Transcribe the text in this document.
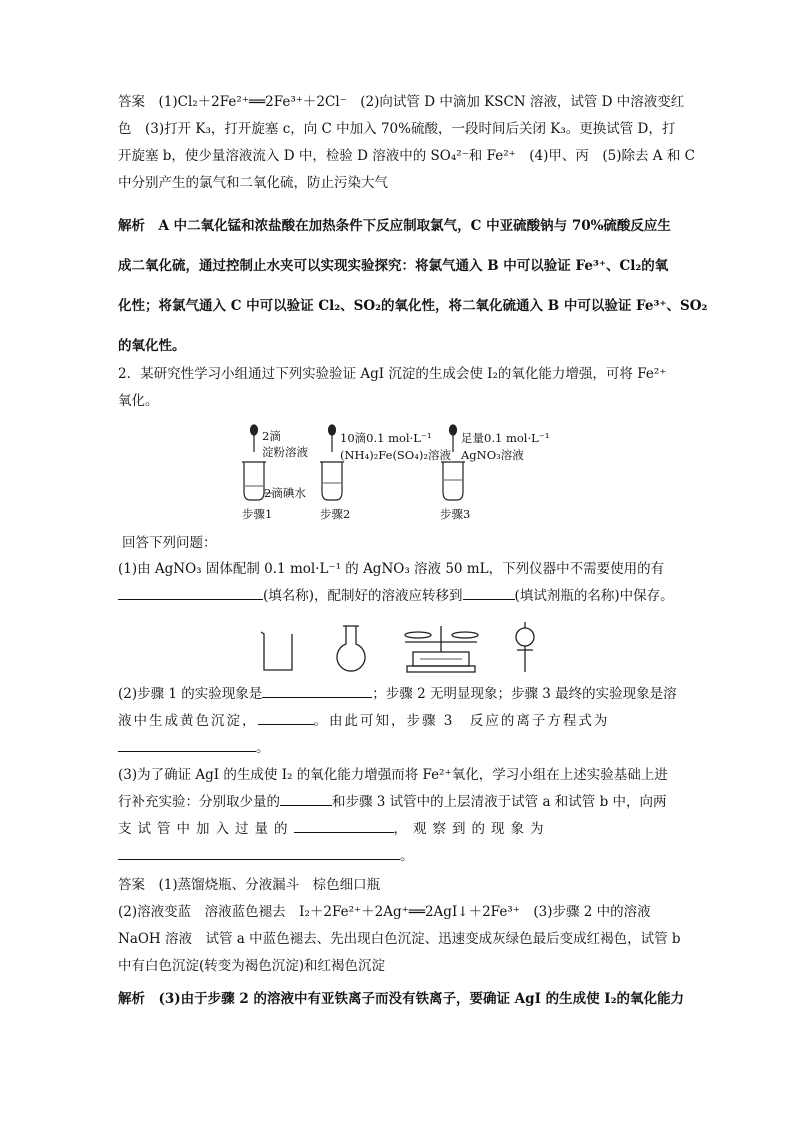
答案　(1)Cl₂＋2Fe²⁺══2Fe³⁺＋2Cl⁻　(2)向试管 D 中滴加 KSCN 溶液，试管 D 中溶液变红
色　(3)打开 K₃，打开旋塞 c，向 C 中加入 70%硫酸，一段时间后关闭 K₃。更换试管 D，打
开旋塞 b，使少量溶液流入 D 中，检验 D 溶液中的 SO₄²⁻和 Fe²⁺　(4)甲、丙　(5)除去 A 和 C
中分别产生的氯气和二氧化硫，防止污染大气
解析　A 中二氧化锰和浓盐酸在加热条件下反应制取氯气，C 中亚硫酸钠与 70%硫酸反应生
成二氧化硫，通过控制止水夹可以实现实验探究：将氯气通入 B 中可以验证 Fe³⁺、Cl₂的氧
化性；将氯气通入 C 中可以验证 Cl₂、SO₂的氧化性，将二氧化硫通入 B 中可以验证 Fe³⁺、SO₂
的氧化性。
2．某研究性学习小组通过下列实验验证 AgI 沉淀的生成会使 I₂的氧化能力增强，可将 Fe²⁺
氧化。
2滴
淀粉溶液
2滴碘水
10滴0.1 mol·L⁻¹
(NH₄)₂Fe(SO₄)₂溶液
足量0.1 mol·L⁻¹
AgNO₃溶液
步骤1	步骤2	步骤3
回答下列问题：
(1)由 AgNO₃ 固体配制 0.1 mol·L⁻¹ 的 AgNO₃ 溶液 50 mL，下列仪器中不需要使用的有
(填名称)，配制好的溶液应转移到	(填试剂瓶的名称)中保存。
(2)步骤 1 的实验现象是	；步骤 2 无明显现象；步骤 3 最终的实验现象是溶
液中生成黄色沉淀，	。由此可知，步骤 3　反应的离子方程式为
。
(3)为了确证 AgI 的生成使 I₂ 的氧化能力增强而将 Fe²⁺氧化，学习小组在上述实验基础上进
行补充实验：分别取少量的	和步骤 3 试管中的上层清液于试管 a 和试管 b 中，向两
支试管中加入过量的	，观察到的现象为
。
答案　(1)蒸馏烧瓶、分液漏斗　棕色细口瓶
(2)溶液变蓝　溶液蓝色褪去　I₂＋2Fe²⁺＋2Ag⁺══2AgI↓＋2Fe³⁺　(3)步骤 2 中的溶液
NaOH 溶液　试管 a 中蓝色褪去、先出现白色沉淀、迅速变成灰绿色最后变成红褐色，试管 b
中有白色沉淀(转变为褐色沉淀)和红褐色沉淀
解析　(3)由于步骤 2 的溶液中有亚铁离子而没有铁离子，要确证 AgI 的生成使 I₂的氧化能力
